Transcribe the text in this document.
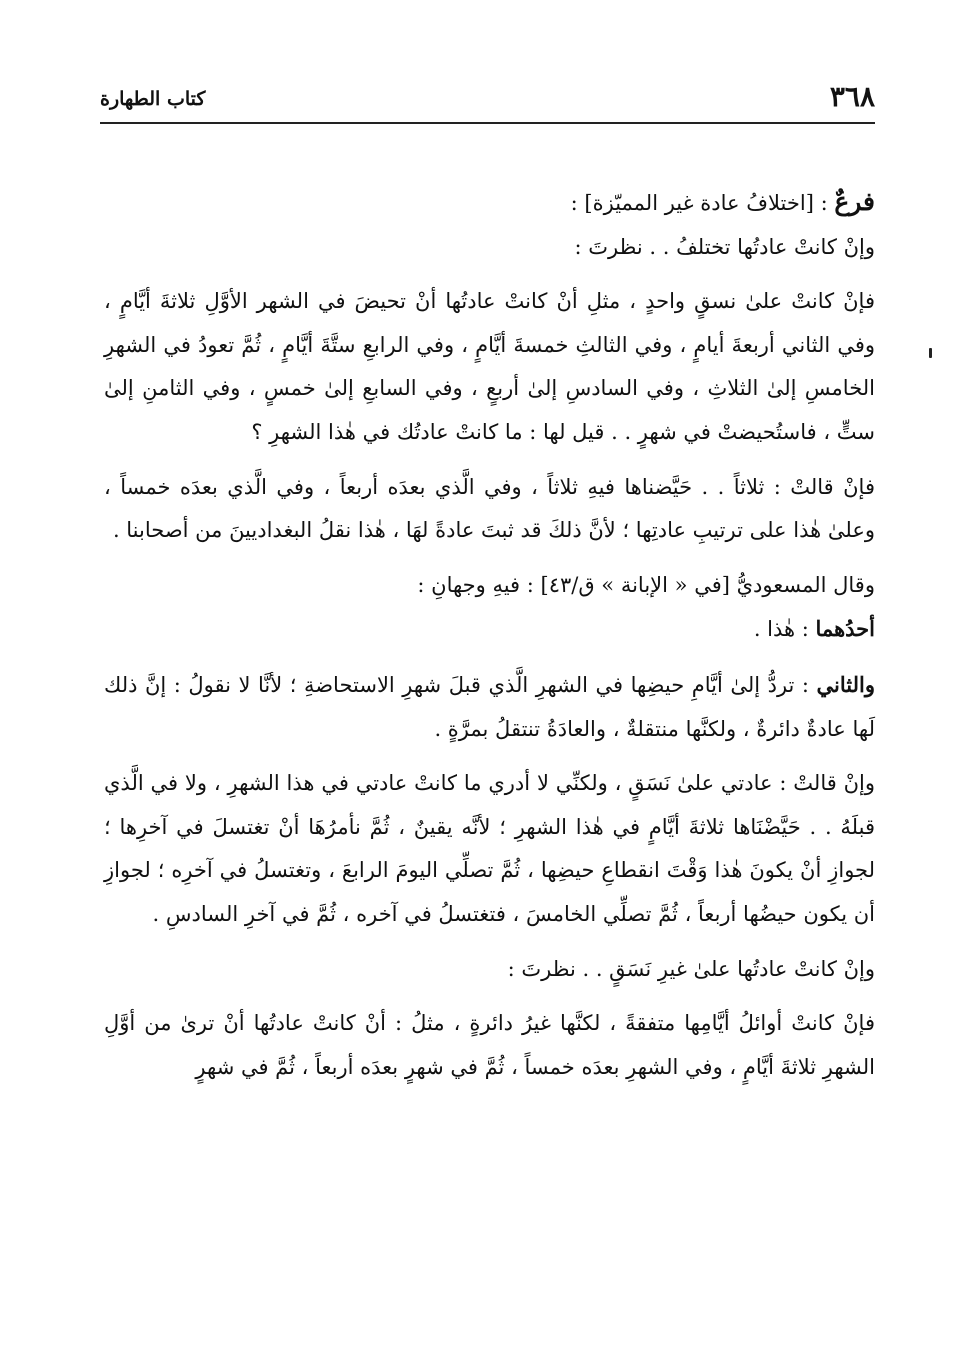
٣٦٨
كتاب الطهارة

فرعٌ : [اختلافُ عادة غير المميّزة] :

وإنْ كانتْ عادتُها تختلفُ . . نظرتَ :

فإنْ كانتْ علىٰ نسقٍ واحدٍ ، مثلِ أنْ كانتْ عادتُها أنْ تحيضَ في الشهر الأوَّلِ ثلاثةَ أيَّامٍ ، وفي الثاني أربعةَ أيامٍ ، وفي الثالثِ خمسةَ أيَّامٍ ، وفي الرابعِ ستَّةَ أيَّامٍ ، ثُمَّ تعودُ في الشهرِ الخامسِ إلىٰ الثلاثِ ، وفي السادسِ إلىٰ أربعٍ ، وفي السابعِ إلىٰ خمسٍ ، وفي الثامنِ إلىٰ ستٍّ ، فاستُحيضتْ في شهرٍ . . قيل لها : ما كانتْ عادتُك في هٰذا الشهرِ ؟

فإنْ قالتْ : ثلاثاً . . حَيَّضناها فيهِ ثلاثاً ، وفي الَّذي بعدَه أربعاً ، وفي الَّذي بعدَه خمساً ، وعلىٰ هٰذا على ترتيبِ عادتِها ؛ لأنَّ ذلكَ قد ثبتَ عادةً لهَا ، هٰذا نقلُ البغداديينَ من أصحابنا .

وقال المسعوديُّ [في « الإبانة » ق/٤٣] : فيهِ وجهانِ :

أحدُهما : هٰذا .

والثاني : تردُّ إلىٰ أيَّامِ حيضِها في الشهرِ الَّذي قبلَ شهرِ الاستحاضةِ ؛ لأنَّا لا نقولُ : إنَّ ذلك لَها عادةٌ دائرةٌ ، ولكنَّها منتقلةٌ ، والعادَةُ تنتقلُ بمرَّةٍ .

وإنْ قالتْ : عادتي علىٰ نَسَقٍ ، ولكنِّي لا أدري ما كانتْ عادتي في هذا الشهرِ ، ولا في الَّذي قبلَهُ . . حَيَّضْنَاها ثلاثةَ أيَّامٍ في هٰذا الشهرِ ؛ لأنَّه يقينٌ ، ثُمَّ نأمرُهَا أنْ تغتسلَ في آخرِها ؛ لجوازِ أنْ يكونَ هٰذا وَقْتَ انقطاعِ حيضِها ، ثُمَّ تصلِّي اليومَ الرابعَ ، وتغتسلُ في آخرِه ؛ لجوازِ أن يكون حيضُها أربعاً ، ثُمَّ تصلِّي الخامسَ ، فتغتسلُ في آخره ، ثُمَّ في آخرِ السادسِ .

وإنْ كانتْ عادتُها علىٰ غيرِ نَسَقٍ . . نظرتَ :

فإنْ كانتْ أوائلُ أيَّامِها متفقةً ، لكنَّها غيرُ دائرةٍ ، مثلُ : أنْ كانتْ عادتُها أنْ ترىٰ من أوَّلِ الشهرِ ثلاثةَ أيَّامٍ ، وفي الشهرِ بعدَه خمساً ، ثُمَّ في شهرٍ بعدَه أربعاً ، ثُمَّ في شهرٍ
